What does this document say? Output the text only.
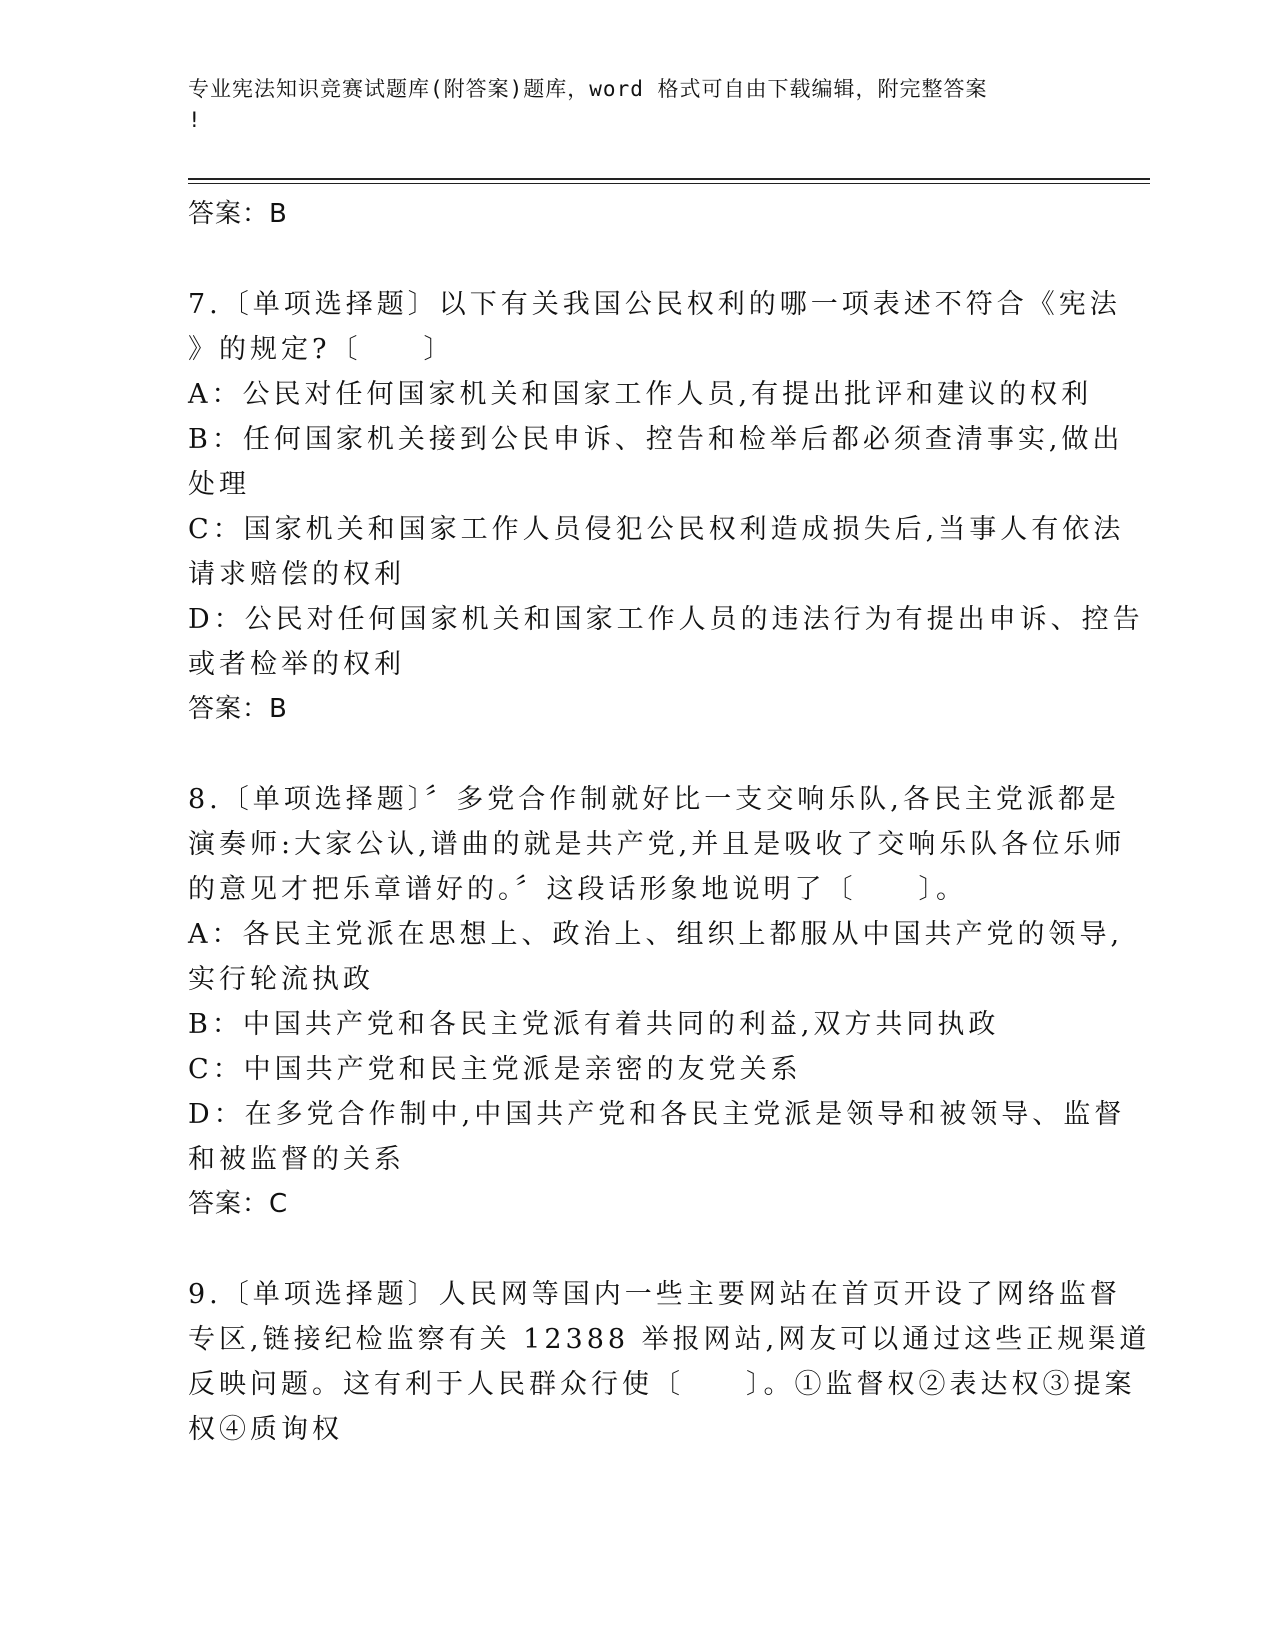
专业宪法知识竞赛试题库(附答案)题库，word 格式可自由下载编辑，附完整答案
!

答案：B

7.〔单项选择题〕以下有关我国公民权利的哪一项表述不符合《宪法

》的规定?〔　　〕

A：公民对任何国家机关和国家工作人员,有提出批评和建议的权利

B：任何国家机关接到公民申诉、控告和检举后都必须查清事实,做出

处理

C：国家机关和国家工作人员侵犯公民权利造成损失后,当事人有依法

请求赔偿的权利

D：公民对任何国家机关和国家工作人员的违法行为有提出申诉、控告

或者检举的权利

答案：B

8.〔单项选择题〕〞多党合作制就好比一支交响乐队,各民主党派都是

演奏师:大家公认,谱曲的就是共产党,并且是吸收了交响乐队各位乐师

的意见才把乐章谱好的。〞这段话形象地说明了〔　　〕。

A：各民主党派在思想上、政治上、组织上都服从中国共产党的领导,

实行轮流执政

B：中国共产党和各民主党派有着共同的利益,双方共同执政

C：中国共产党和民主党派是亲密的友党关系

D：在多党合作制中,中国共产党和各民主党派是领导和被领导、监督

和被监督的关系

答案：C

9.〔单项选择题〕人民网等国内一些主要网站在首页开设了网络监督

专区,链接纪检监察有关 12388 举报网站,网友可以通过这些正规渠道

反映问题。这有利于人民群众行使〔　　〕。①监督权②表达权③提案

权④质询权
